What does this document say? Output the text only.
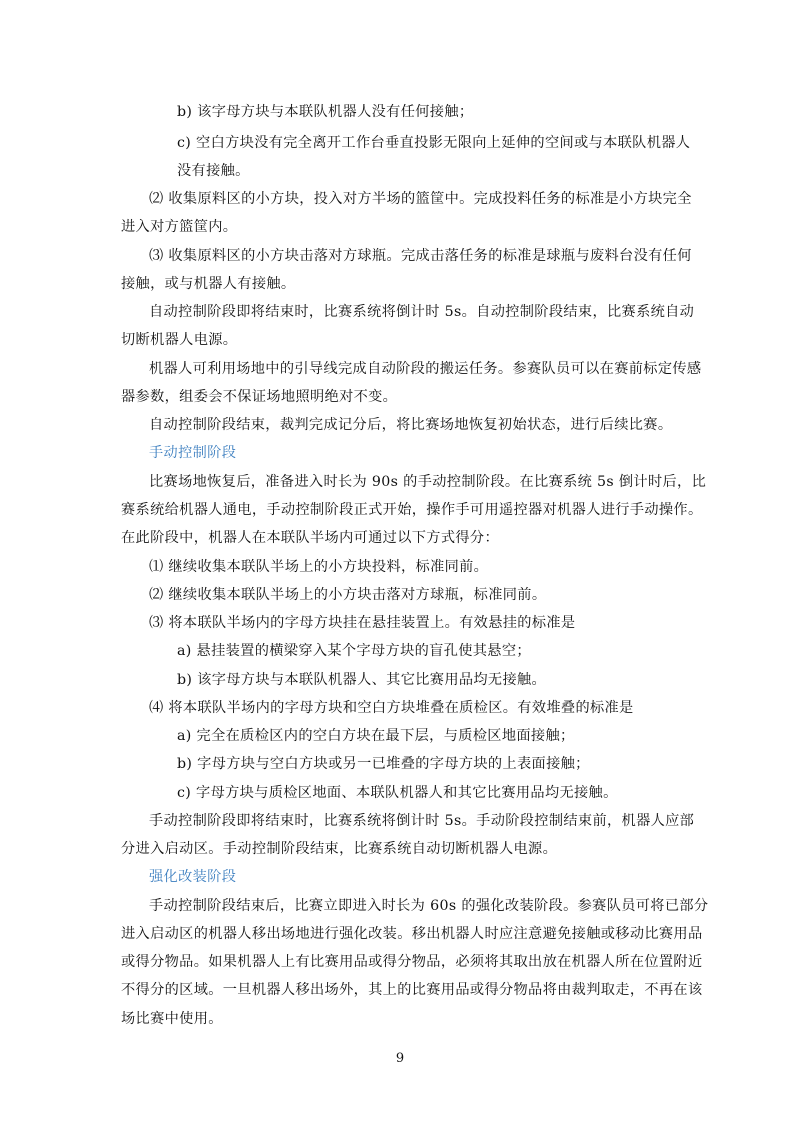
b) 该字母方块与本联队机器人没有任何接触；
c) 空白方块没有完全离开工作台垂直投影无限向上延伸的空间或与本联队机器人
没有接触。
⑵ 收集原料区的小方块，投入对方半场的篮筐中。完成投料任务的标准是小方块完全
进入对方篮筐内。
⑶ 收集原料区的小方块击落对方球瓶。完成击落任务的标准是球瓶与废料台没有任何
接触，或与机器人有接触。
自动控制阶段即将结束时，比赛系统将倒计时 5s。自动控制阶段结束，比赛系统自动
切断机器人电源。
机器人可利用场地中的引导线完成自动阶段的搬运任务。参赛队员可以在赛前标定传感
器参数，组委会不保证场地照明绝对不变。
自动控制阶段结束，裁判完成记分后，将比赛场地恢复初始状态，进行后续比赛。
手动控制阶段
比赛场地恢复后，准备进入时长为 90s 的手动控制阶段。在比赛系统 5s 倒计时后，比
赛系统给机器人通电，手动控制阶段正式开始，操作手可用遥控器对机器人进行手动操作。
在此阶段中，机器人在本联队半场内可通过以下方式得分：
⑴ 继续收集本联队半场上的小方块投料，标准同前。
⑵ 继续收集本联队半场上的小方块击落对方球瓶，标准同前。
⑶ 将本联队半场内的字母方块挂在悬挂装置上。有效悬挂的标准是
a) 悬挂装置的横梁穿入某个字母方块的盲孔使其悬空；
b) 该字母方块与本联队机器人、其它比赛用品均无接触。
⑷ 将本联队半场内的字母方块和空白方块堆叠在质检区。有效堆叠的标准是
a) 完全在质检区内的空白方块在最下层，与质检区地面接触；
b) 字母方块与空白方块或另一已堆叠的字母方块的上表面接触；
c) 字母方块与质检区地面、本联队机器人和其它比赛用品均无接触。
手动控制阶段即将结束时，比赛系统将倒计时 5s。手动阶段控制结束前，机器人应部
分进入启动区。手动控制阶段结束，比赛系统自动切断机器人电源。
强化改装阶段
手动控制阶段结束后，比赛立即进入时长为 60s 的强化改装阶段。参赛队员可将已部分
进入启动区的机器人移出场地进行强化改装。移出机器人时应注意避免接触或移动比赛用品
或得分物品。如果机器人上有比赛用品或得分物品，必须将其取出放在机器人所在位置附近
不得分的区域。一旦机器人移出场外，其上的比赛用品或得分物品将由裁判取走，不再在该
场比赛中使用。
9
